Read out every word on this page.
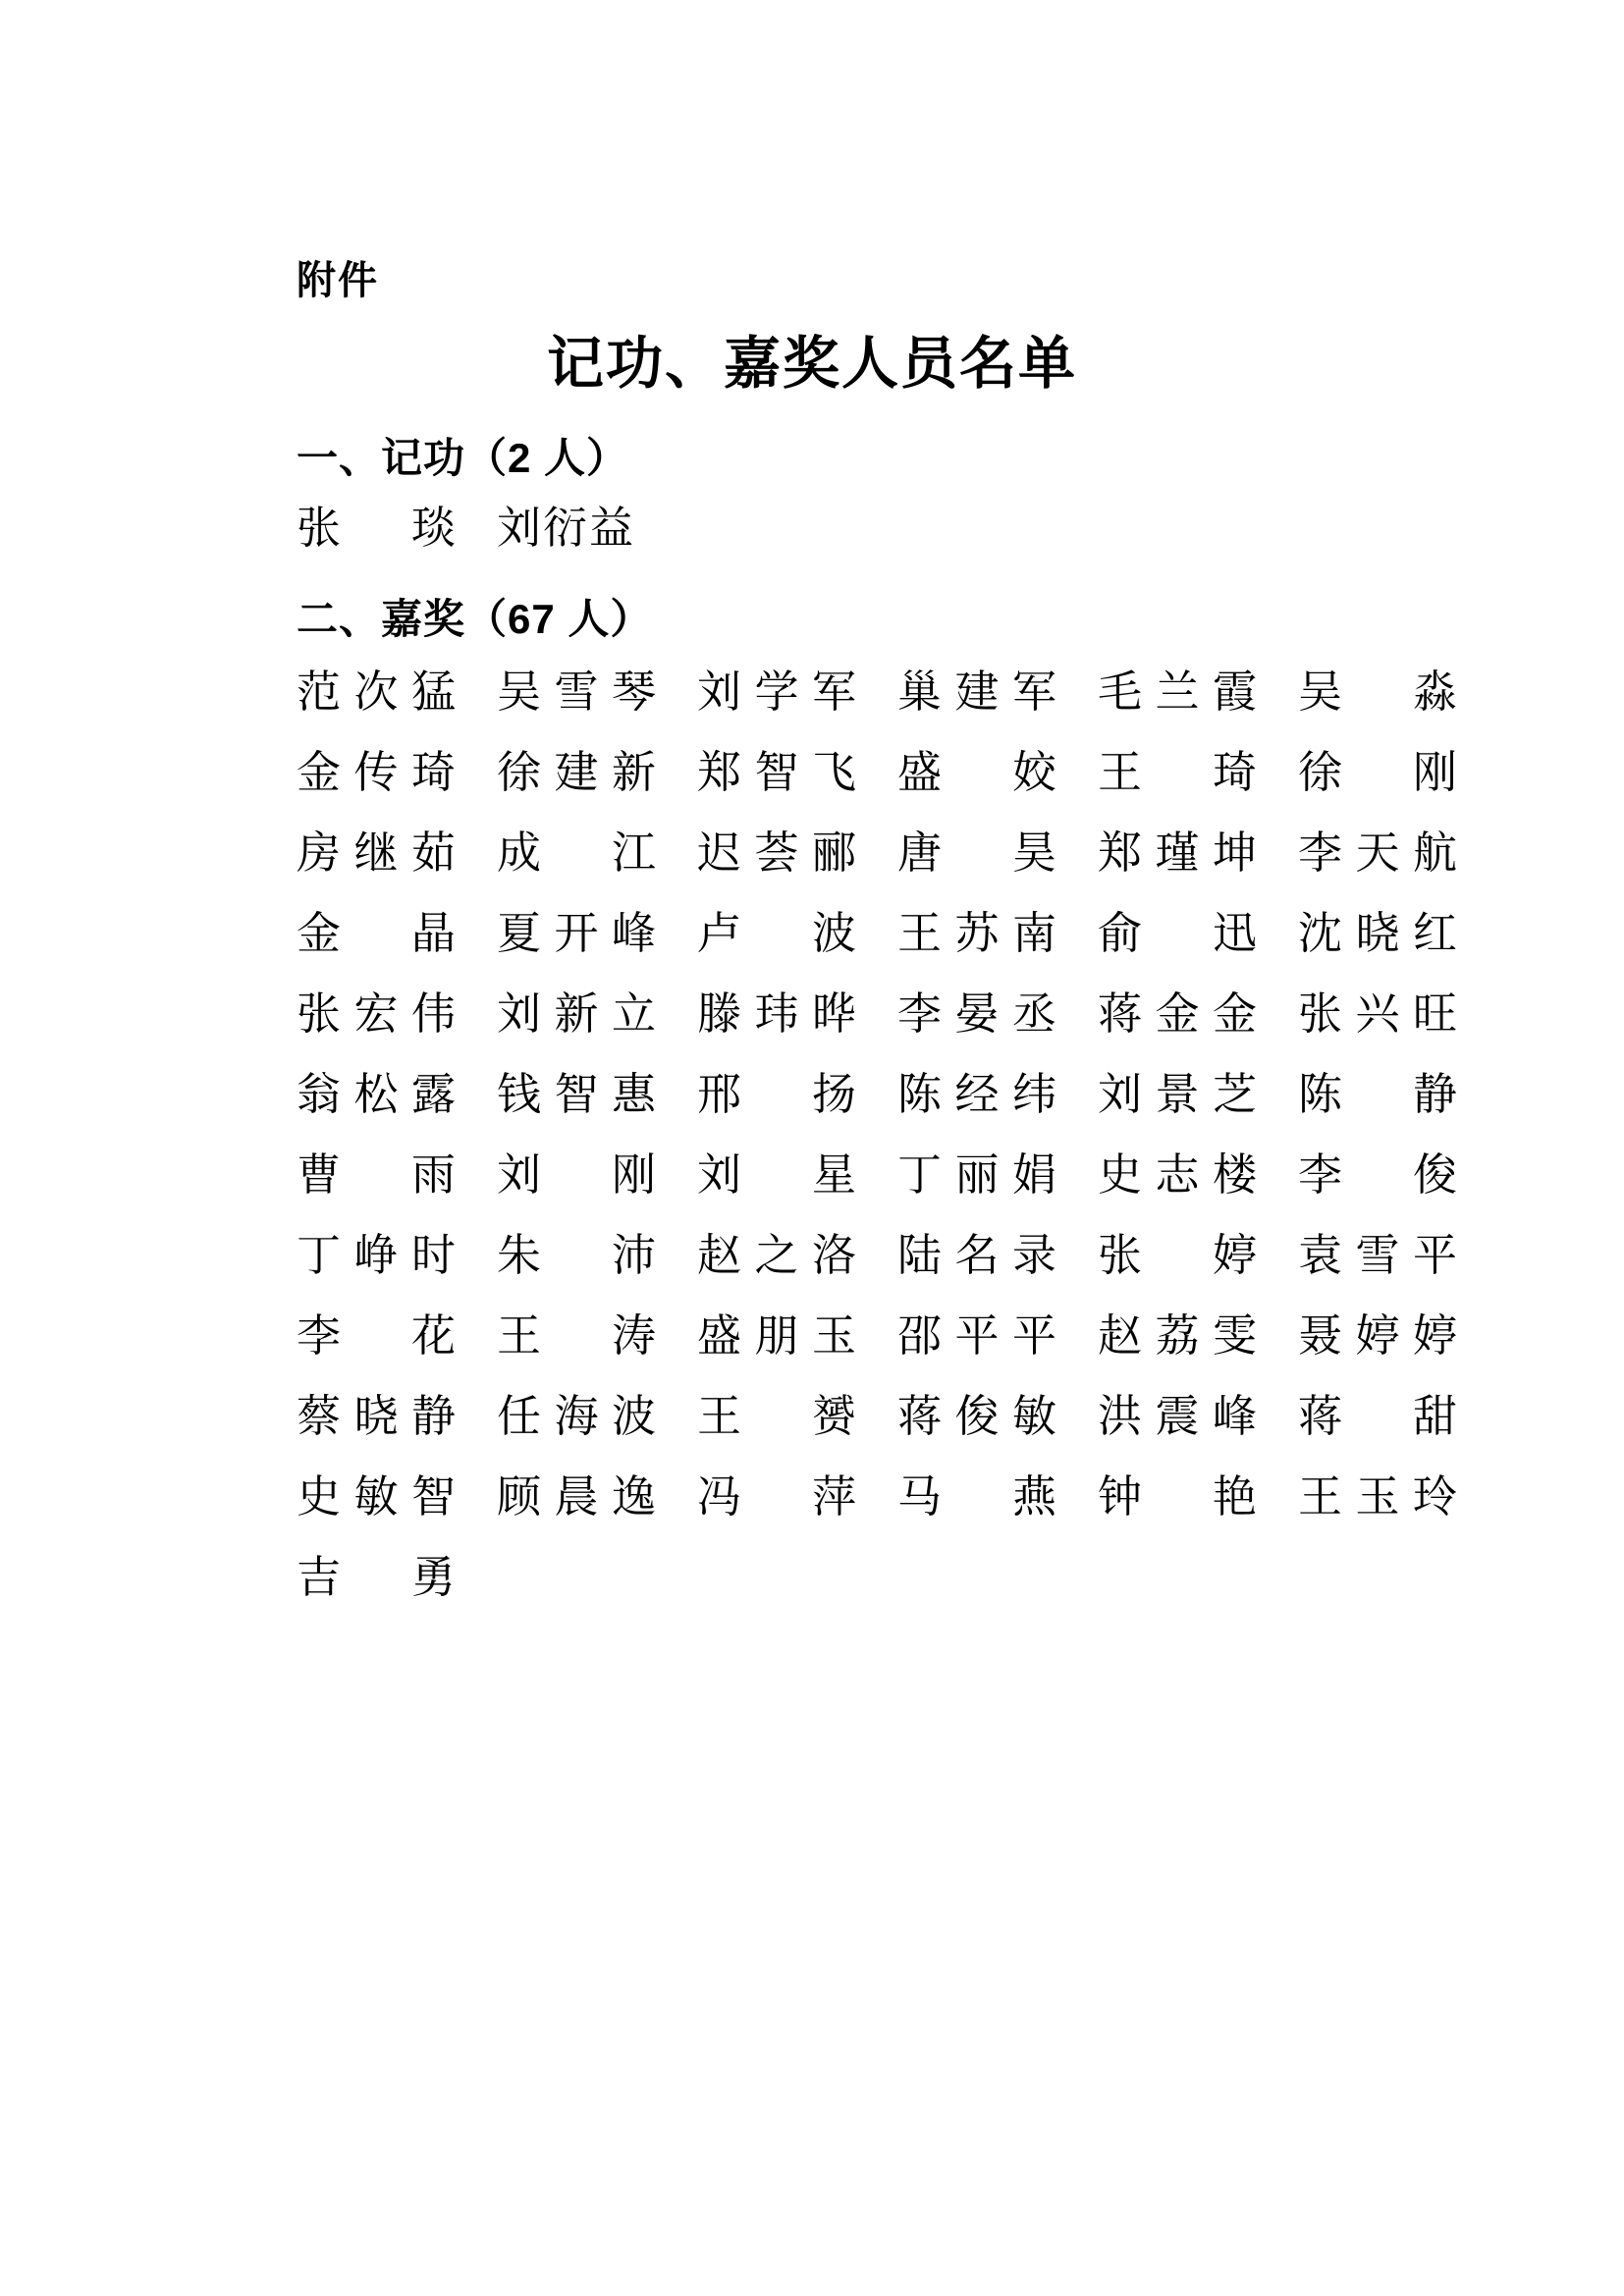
附件
记功、嘉奖人员名单
一、记功（2 人）
张 琰 刘 衍 益
二、嘉奖（67 人）
范 次 猛 吴 雪 琴 刘 学 军 巢 建 军 毛 兰 霞 吴 淼
金 传 琦 徐 建 新 郑 智 飞 盛 姣 王 琦 徐 刚
房 继 茹 成 江 迟 荟 郦 唐 昊 郑 瑾 坤 李 天 航
金 晶 夏 开 峰 卢 波 王 苏 南 俞 迅 沈 晓 红
张 宏 伟 刘 新 立 滕 玮 晔 李 晏 丞 蒋 金 金 张 兴 旺
翁 松 露 钱 智 惠 邢 扬 陈 经 纬 刘 景 芝 陈 静
曹 雨 刘 刚 刘 星 丁 丽 娟 史 志 楼 李 俊
丁 峥 时 朱 沛 赵 之 洛 陆 名 录 张 婷 袁 雪 平
李 花 王 涛 盛 朋 玉 邵 平 平 赵 荔 雯 聂 婷 婷
蔡 晓 静 任 海 波 王 赟 蒋 俊 敏 洪 震 峰 蒋 甜
史 敏 智 顾 晨 逸 冯 萍 马 燕 钟 艳 王 玉 玲
吉 勇
